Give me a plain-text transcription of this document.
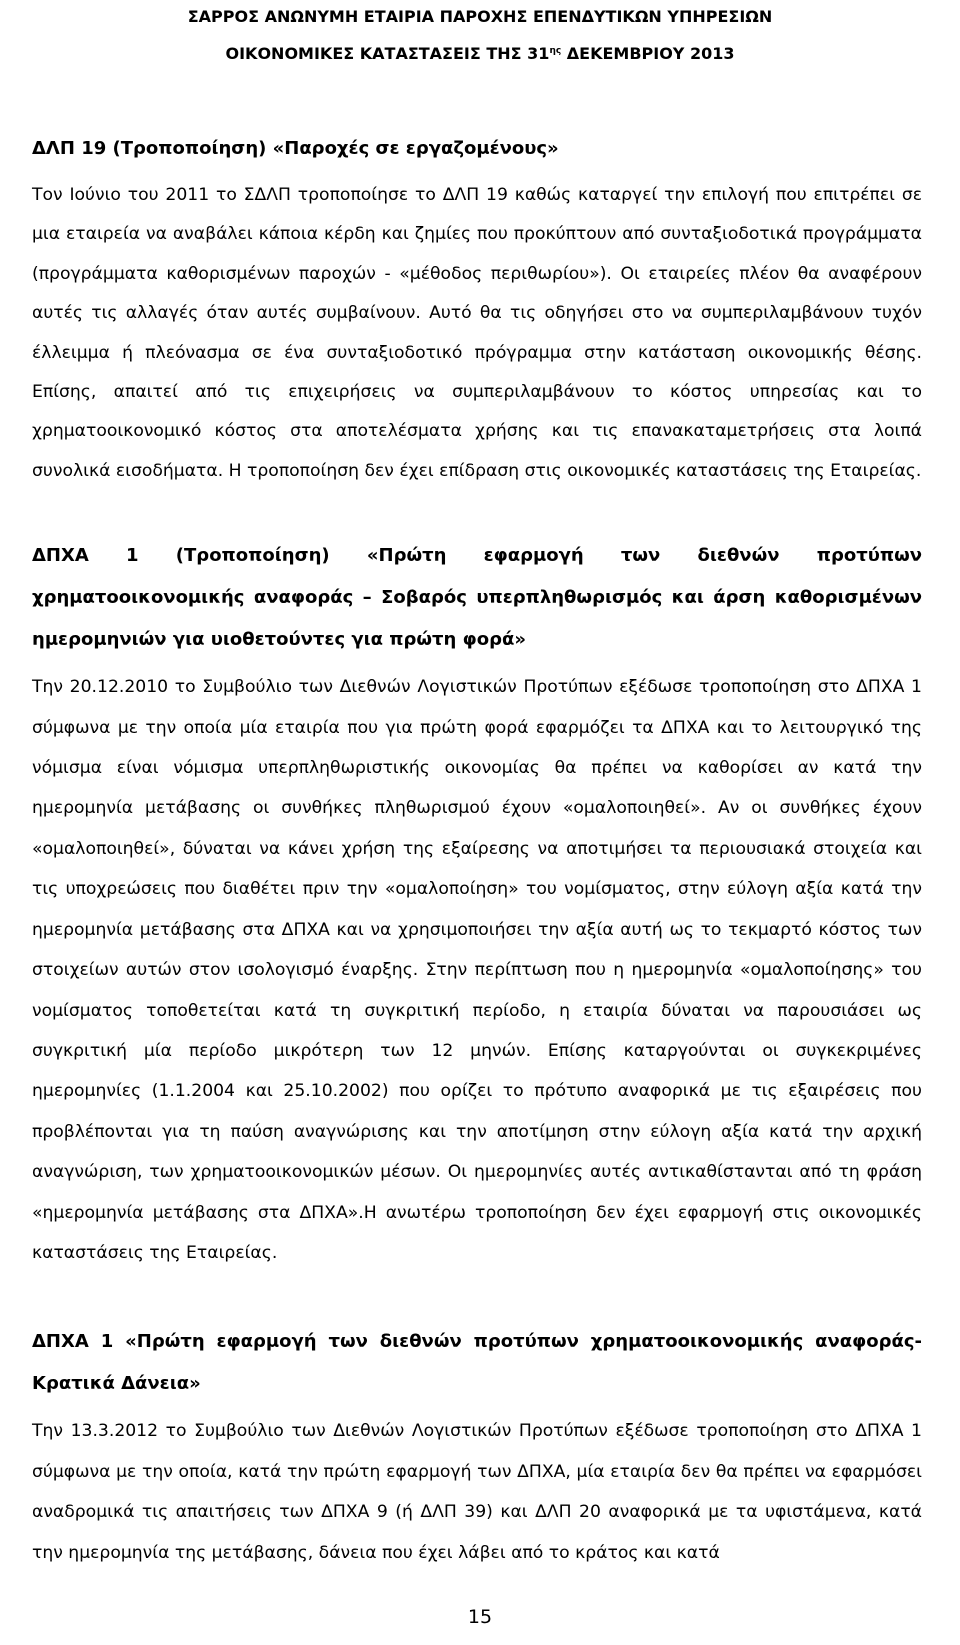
ΣΑΡΡΟΣ ΑΝΩΝΥΜΗ ΕΤΑΙΡΙΑ ΠΑΡΟΧΗΣ ΕΠΕΝΔΥΤΙΚΩΝ ΥΠΗΡΕΣΙΩΝ
ΟΙΚΟΝΟΜΙΚΕΣ ΚΑΤΑΣΤΑΣΕΙΣ ΤΗΣ $31^{\eta\varsigma}$ ΔΕΚΕΜΒΡΙΟΥ 2013

ΔΛΠ 19 (Τροποποίηση) «Παροχές σε εργαζομένους»

Τον Ιούνιο του 2011 το ΣΔΛΠ τροποποίησε το ΔΛΠ 19 καθώς καταργεί την επιλογή που επιτρέπει σε μια εταιρεία να αναβάλει κάποια κέρδη και ζημίες που προκύπτουν από συνταξιοδοτικά προγράμματα (προγράμματα καθορισμένων παροχών - «μέθοδος περιθωρίου»). Οι εταιρείες πλέον θα αναφέρουν αυτές τις αλλαγές όταν αυτές συμβαίνουν. Αυτό θα τις οδηγήσει στο να συμπεριλαμβάνουν τυχόν έλλειμμα ή πλεόνασμα σε ένα συνταξιοδοτικό πρόγραμμα στην κατάσταση οικονομικής θέσης. Επίσης, απαιτεί από τις επιχειρήσεις να συμπεριλαμβάνουν το κόστος υπηρεσίας και το χρηματοοικονομικό κόστος στα αποτελέσματα χρήσης και τις επανακαταμετρήσεις στα λοιπά συνολικά εισοδήματα. Η τροποποίηση δεν έχει επίδραση στις οικονομικές καταστάσεις της Εταιρείας.

ΔΠΧΑ 1 (Τροποποίηση) «Πρώτη εφαρμογή των διεθνών προτύπων χρηματοοικονομικής αναφοράς – Σοβαρός υπερπληθωρισμός και άρση καθορισμένων ημερομηνιών για υιοθετούντες για πρώτη φορά»

Την 20.12.2010 το Συμβούλιο των Διεθνών Λογιστικών Προτύπων εξέδωσε τροποποίηση στο ΔΠΧΑ 1 σύμφωνα με την οποία μία εταιρία που για πρώτη φορά εφαρμόζει τα ΔΠΧΑ και το λειτουργικό της νόμισμα είναι νόμισμα υπερπληθωριστικής οικονομίας θα πρέπει να καθορίσει αν κατά την ημερομηνία μετάβασης οι συνθήκες πληθωρισμού έχουν «ομαλοποιηθεί». Αν οι συνθήκες έχουν «ομαλοποιηθεί», δύναται να κάνει χρήση της εξαίρεσης να αποτιμήσει τα περιουσιακά στοιχεία και τις υποχρεώσεις που διαθέτει πριν την «ομαλοποίηση» του νομίσματος, στην εύλογη αξία κατά την ημερομηνία μετάβασης στα ΔΠΧΑ και να χρησιμοποιήσει την αξία αυτή ως το τεκμαρτό κόστος των στοιχείων αυτών στον ισολογισμό έναρξης. Στην περίπτωση που η ημερομηνία «ομαλοποίησης» του νομίσματος τοποθετείται κατά τη συγκριτική περίοδο, η εταιρία δύναται να παρουσιάσει ως συγκριτική μία περίοδο μικρότερη των 12 μηνών. Επίσης καταργούνται οι συγκεκριμένες ημερομηνίες (1.1.2004 και 25.10.2002) που ορίζει το πρότυπο αναφορικά με τις εξαιρέσεις που προβλέπονται για τη παύση αναγνώρισης και την αποτίμηση στην εύλογη αξία κατά την αρχική αναγνώριση, των χρηματοοικονομικών μέσων. Οι ημερομηνίες αυτές αντικαθίστανται από τη φράση «ημερομηνία μετάβασης στα ΔΠΧΑ».Η ανωτέρω τροποποίηση δεν έχει εφαρμογή στις οικονομικές καταστάσεις της Εταιρείας.

ΔΠΧΑ 1 «Πρώτη εφαρμογή των διεθνών προτύπων χρηματοοικονομικής αναφοράς- Κρατικά Δάνεια»

Την 13.3.2012 το Συμβούλιο των Διεθνών Λογιστικών Προτύπων εξέδωσε τροποποίηση στο ΔΠΧΑ 1 σύμφωνα με την οποία, κατά την πρώτη εφαρμογή των ΔΠΧΑ, μία εταιρία δεν θα πρέπει να εφαρμόσει αναδρομικά τις απαιτήσεις των ΔΠΧΑ 9 (ή ΔΛΠ 39) και ΔΛΠ 20 αναφορικά με τα υφιστάμενα, κατά την ημερομηνία της μετάβασης, δάνεια που έχει λάβει από το κράτος και κατά

15
